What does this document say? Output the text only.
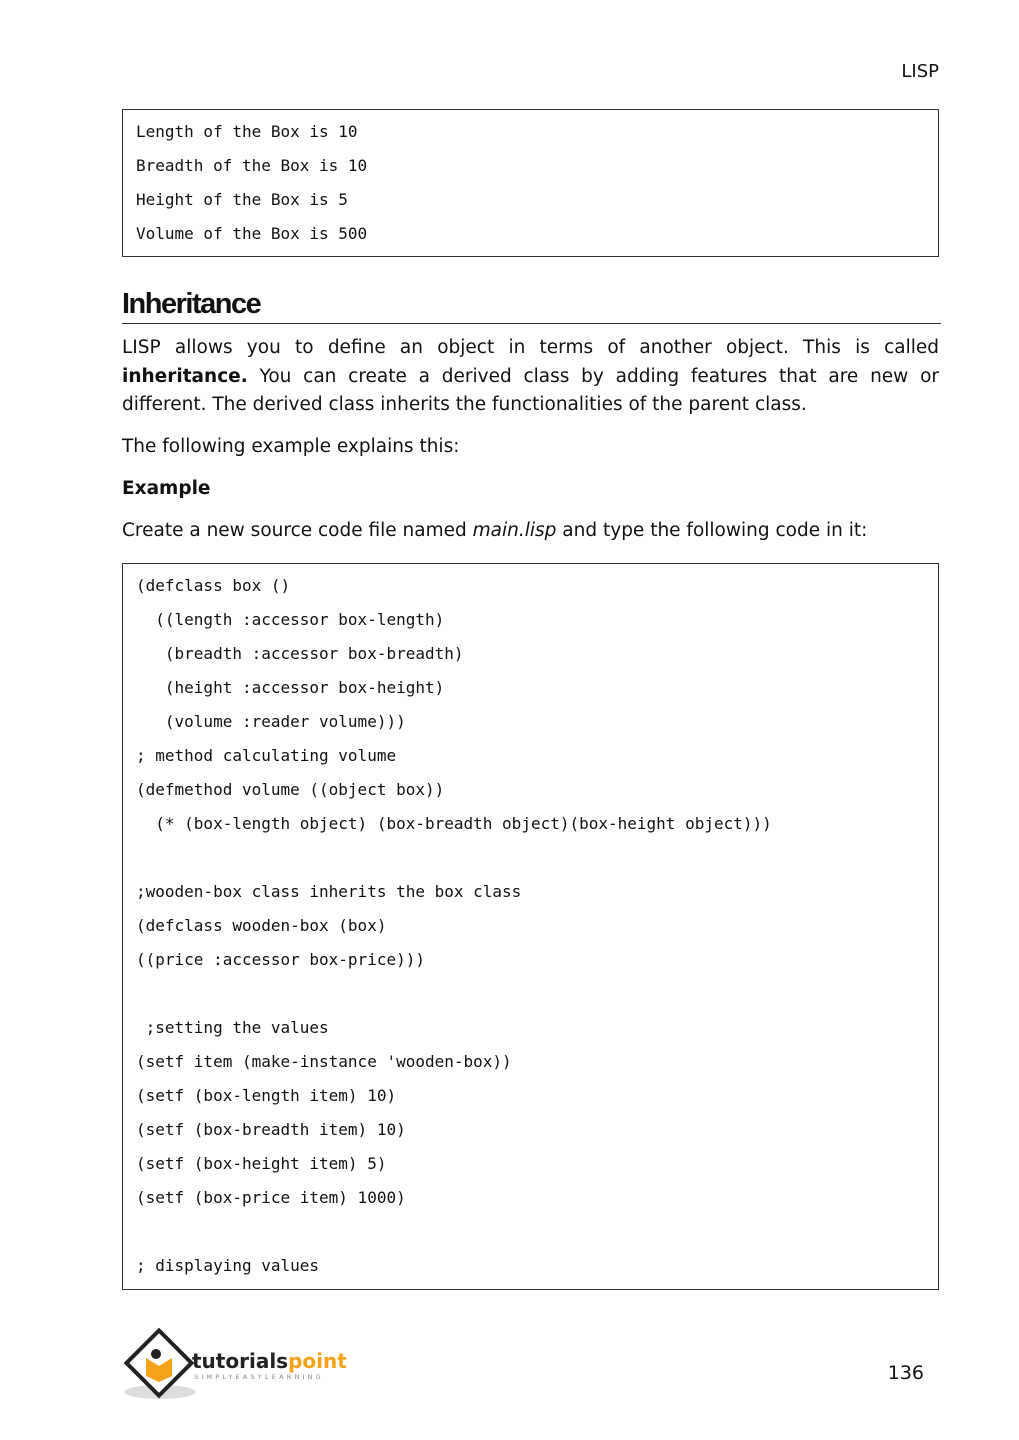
LISP
Length of the Box is 10
Breadth of the Box is 10
Height of the Box is 5
Volume of the Box is 500
Inheritance
LISP allows you to define an object in terms of another object. This is called inheritance. You can create a derived class by adding features that are new or different. The derived class inherits the functionalities of the parent class.
The following example explains this:
Example
Create a new source code file named main.lisp and type the following code in it:
(defclass box ()
((length :accessor box-length)
(breadth :accessor box-breadth)
(height :accessor box-height)
(volume :reader volume)))
; method calculating volume
(defmethod volume ((object box))
(* (box-length object) (box-breadth object)(box-height object)))
;wooden-box class inherits the box class
(defclass wooden-box (box)
((price :accessor box-price)))
;setting the values
(setf item (make-instance 'wooden-box))
(setf (box-length item) 10)
(setf (box-breadth item) 10)
(setf (box-height item) 5)
(setf (box-price item) 1000)
; displaying values
tutorialspoint
SIMPLYEASYLEARNING	136
